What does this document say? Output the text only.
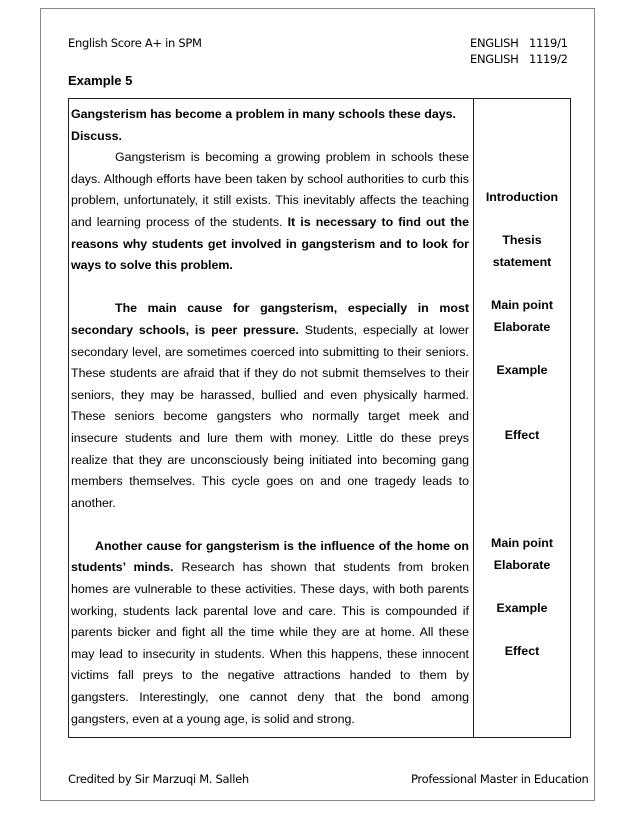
English Score A+ in SPM	ENGLISH 1119/1
ENGLISH 1119/2
Example 5

Gangsterism has become a problem in many schools these days.
Discuss.

Gangsterism is becoming a growing problem in schools these days. Although efforts have been taken by school authorities to curb this problem, unfortunately, it still exists. This inevitably affects the teaching and learning process of the students. It is necessary to find out the reasons why students get involved in gangsterism and to look for ways to solve this problem.

The main cause for gangsterism, especially in most secondary schools, is peer pressure. Students, especially at lower secondary level, are sometimes coerced into submitting to their seniors. These students are afraid that if they do not submit themselves to their seniors, they may be harassed, bullied and even physically harmed. These seniors become gangsters who normally target meek and insecure students and lure them with money. Little do these preys realize that they are unconsciously being initiated into becoming gang members themselves. This cycle goes on and one tragedy leads to another.

Another cause for gangsterism is the influence of the home on students’ minds. Research has shown that students from broken homes are vulnerable to these activities. These days, with both parents working, students lack parental love and care. This is compounded if parents bicker and fight all the time while they are at home. All these may lead to insecurity in students. When this happens, these innocent victims fall preys to the negative attractions handed to them by gangsters. Interestingly, one cannot deny that the bond among gangsters, even at a young age, is solid and strong.

Introduction
Thesis
statement
Main point
Elaborate
Example
Effect
Main point
Elaborate
Example
Effect
Credited by Sir Marzuqi M. Salleh	Professional Master in Education
